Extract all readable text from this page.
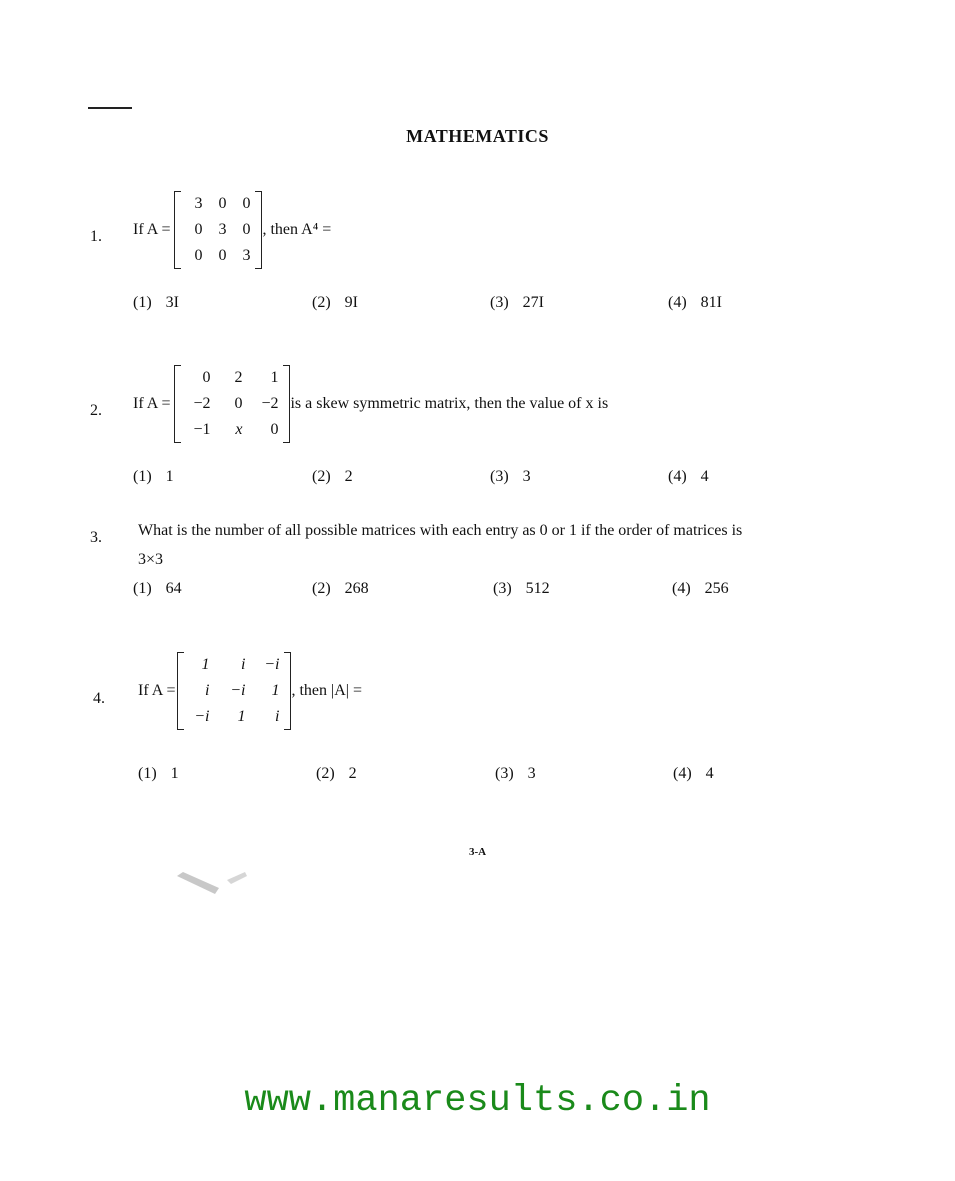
MATHEMATICS
1. If A =
3	0	0
0	3	0
0	0	3
, then A⁴ =
(1) 3I	(2) 9I	(3) 27I	(4) 81I
2. If A =
0	2	1
−2	0	−2
−1	x	0
is a skew symmetric matrix, then the value of x is
(1) 1	(2) 2	(3) 3	(4) 4
3. What is the number of all possible matrices with each entry as 0 or 1 if the order of matrices is
3×3
(1) 64	(2) 268	(3) 512	(4) 256
4. If A =
1	i	−i
i	−i	1
−i	1	i
, then |A| =
(1) 1	(2) 2	(3) 3	(4) 4
3-A
www.manaresults.co.in
